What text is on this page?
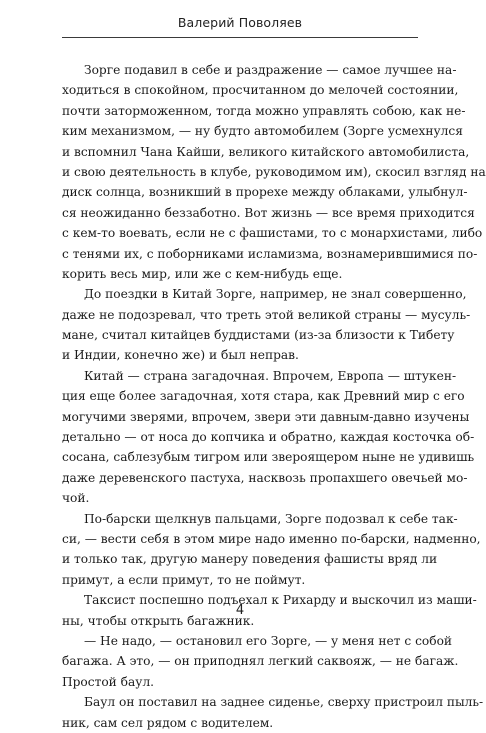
Валерий Поволяев

Зорге подавил в себе и раздражение — самое лучшее на-
ходиться в спокойном, просчитанном до мелочей состоянии,
почти заторможенном, тогда можно управлять собою, как не-
ким механизмом, — ну будто автомобилем (Зорге усмехнулся
и вспомнил Чана Кайши, великого китайского автомобилиста,
и свою деятельность в клубе, руководимом им), скосил взгляд на
диск солнца, возникший в прорехе между облаками, улыбнул-
ся неожиданно беззаботно. Вот жизнь — все время приходится
с кем-то воевать, если не с фашистами, то с монархистами, либо
с тенями их, с поборниками исламизма, вознамерившимися по-
корить весь мир, или же с кем-нибудь еще.

До поездки в Китай Зорге, например, не знал совершенно,
даже не подозревал, что треть этой великой страны — мусуль-
мане, считал китайцев буддистами (из-за близости к Тибету
и Индии, конечно же) и был неправ.

Китай — страна загадочная. Впрочем, Европа — штукен-
ция еще более загадочная, хотя стара, как Древний мир с его
могучими зверями, впрочем, звери эти давным-давно изучены
детально — от носа до копчика и обратно, каждая косточка об-
сосана, саблезубым тигром или звероящером ныне не удивишь
даже деревенского пастуха, насквозь пропахшего овечьей мо-
чой.

По-барски щелкнув пальцами, Зорге подозвал к себе так-
си, — вести себя в этом мире надо именно по-барски, надменно,
и только так, другую манеру поведения фашисты вряд ли
примут, а если примут, то не поймут.

Таксист поспешно подъехал к Рихарду и выскочил из маши-
ны, чтобы открыть багажник.

— Не надо, — остановил его Зорге, — у меня нет с собой
багажа. А это, — он приподнял легкий саквояж, — не багаж.
Простой баул.

Баул он поставил на заднее сиденье, сверху пристроил пыль-
ник, сам сел рядом с водителем.

4
